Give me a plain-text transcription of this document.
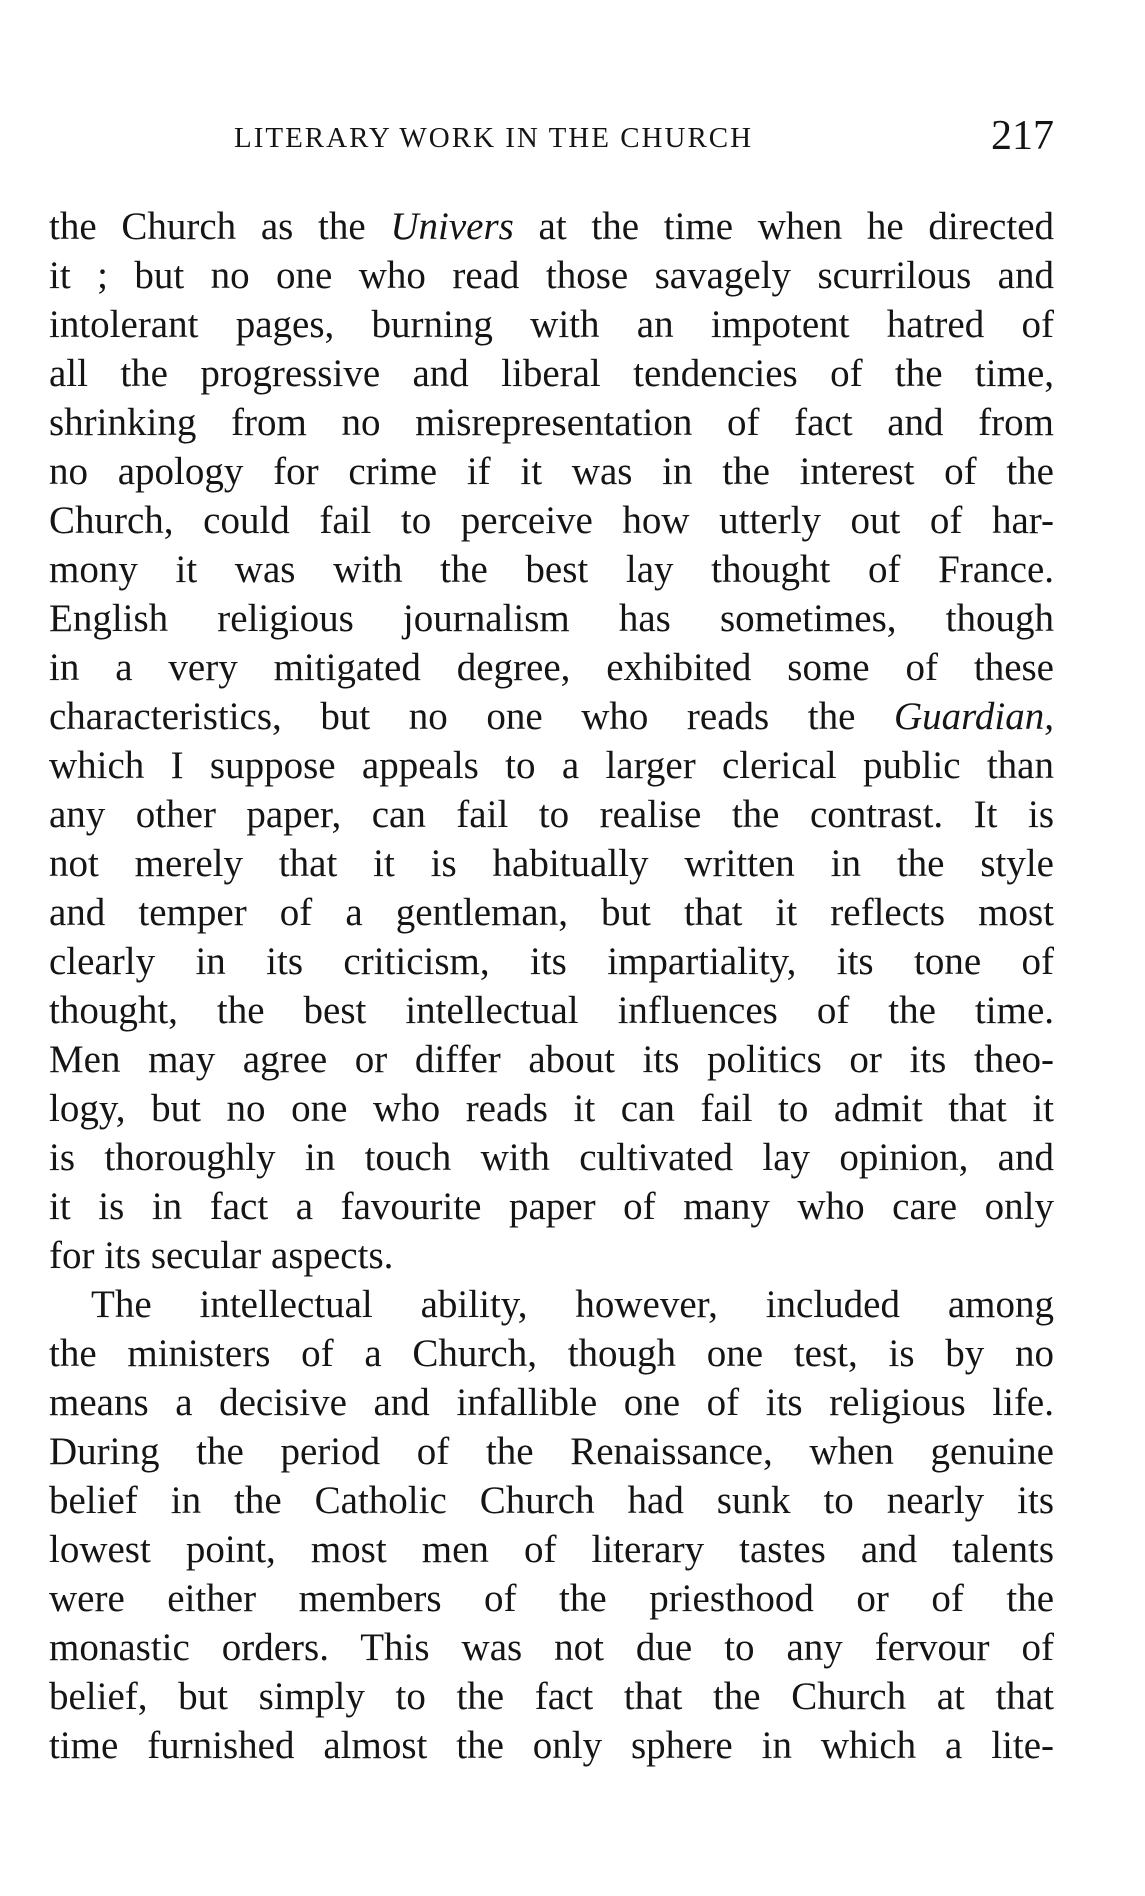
LITERARY WORK IN THE CHURCH	217
the Church as the Univers at the time when he directed
it ; but no one who read those savagely scurrilous and
intolerant pages, burning with an impotent hatred of
all the progressive and liberal tendencies of the time,
shrinking from no misrepresentation of fact and from
no apology for crime if it was in the interest of the
Church, could fail to perceive how utterly out of har-
mony it was with the best lay thought of France.
English religious journalism has sometimes, though
in a very mitigated degree, exhibited some of these
characteristics, but no one who reads the Guardian,
which I suppose appeals to a larger clerical public than
any other paper, can fail to realise the contrast. It is
not merely that it is habitually written in the style
and temper of a gentleman, but that it reflects most
clearly in its criticism, its impartiality, its tone of
thought, the best intellectual influences of the time.
Men may agree or differ about its politics or its theo-
logy, but no one who reads it can fail to admit that it
is thoroughly in touch with cultivated lay opinion, and
it is in fact a favourite paper of many who care only
for its secular aspects.
The intellectual ability, however, included among
the ministers of a Church, though one test, is by no
means a decisive and infallible one of its religious life.
During the period of the Renaissance, when genuine
belief in the Catholic Church had sunk to nearly its
lowest point, most men of literary tastes and talents
were either members of the priesthood or of the
monastic orders. This was not due to any fervour of
belief, but simply to the fact that the Church at that
time furnished almost the only sphere in which a lite-
